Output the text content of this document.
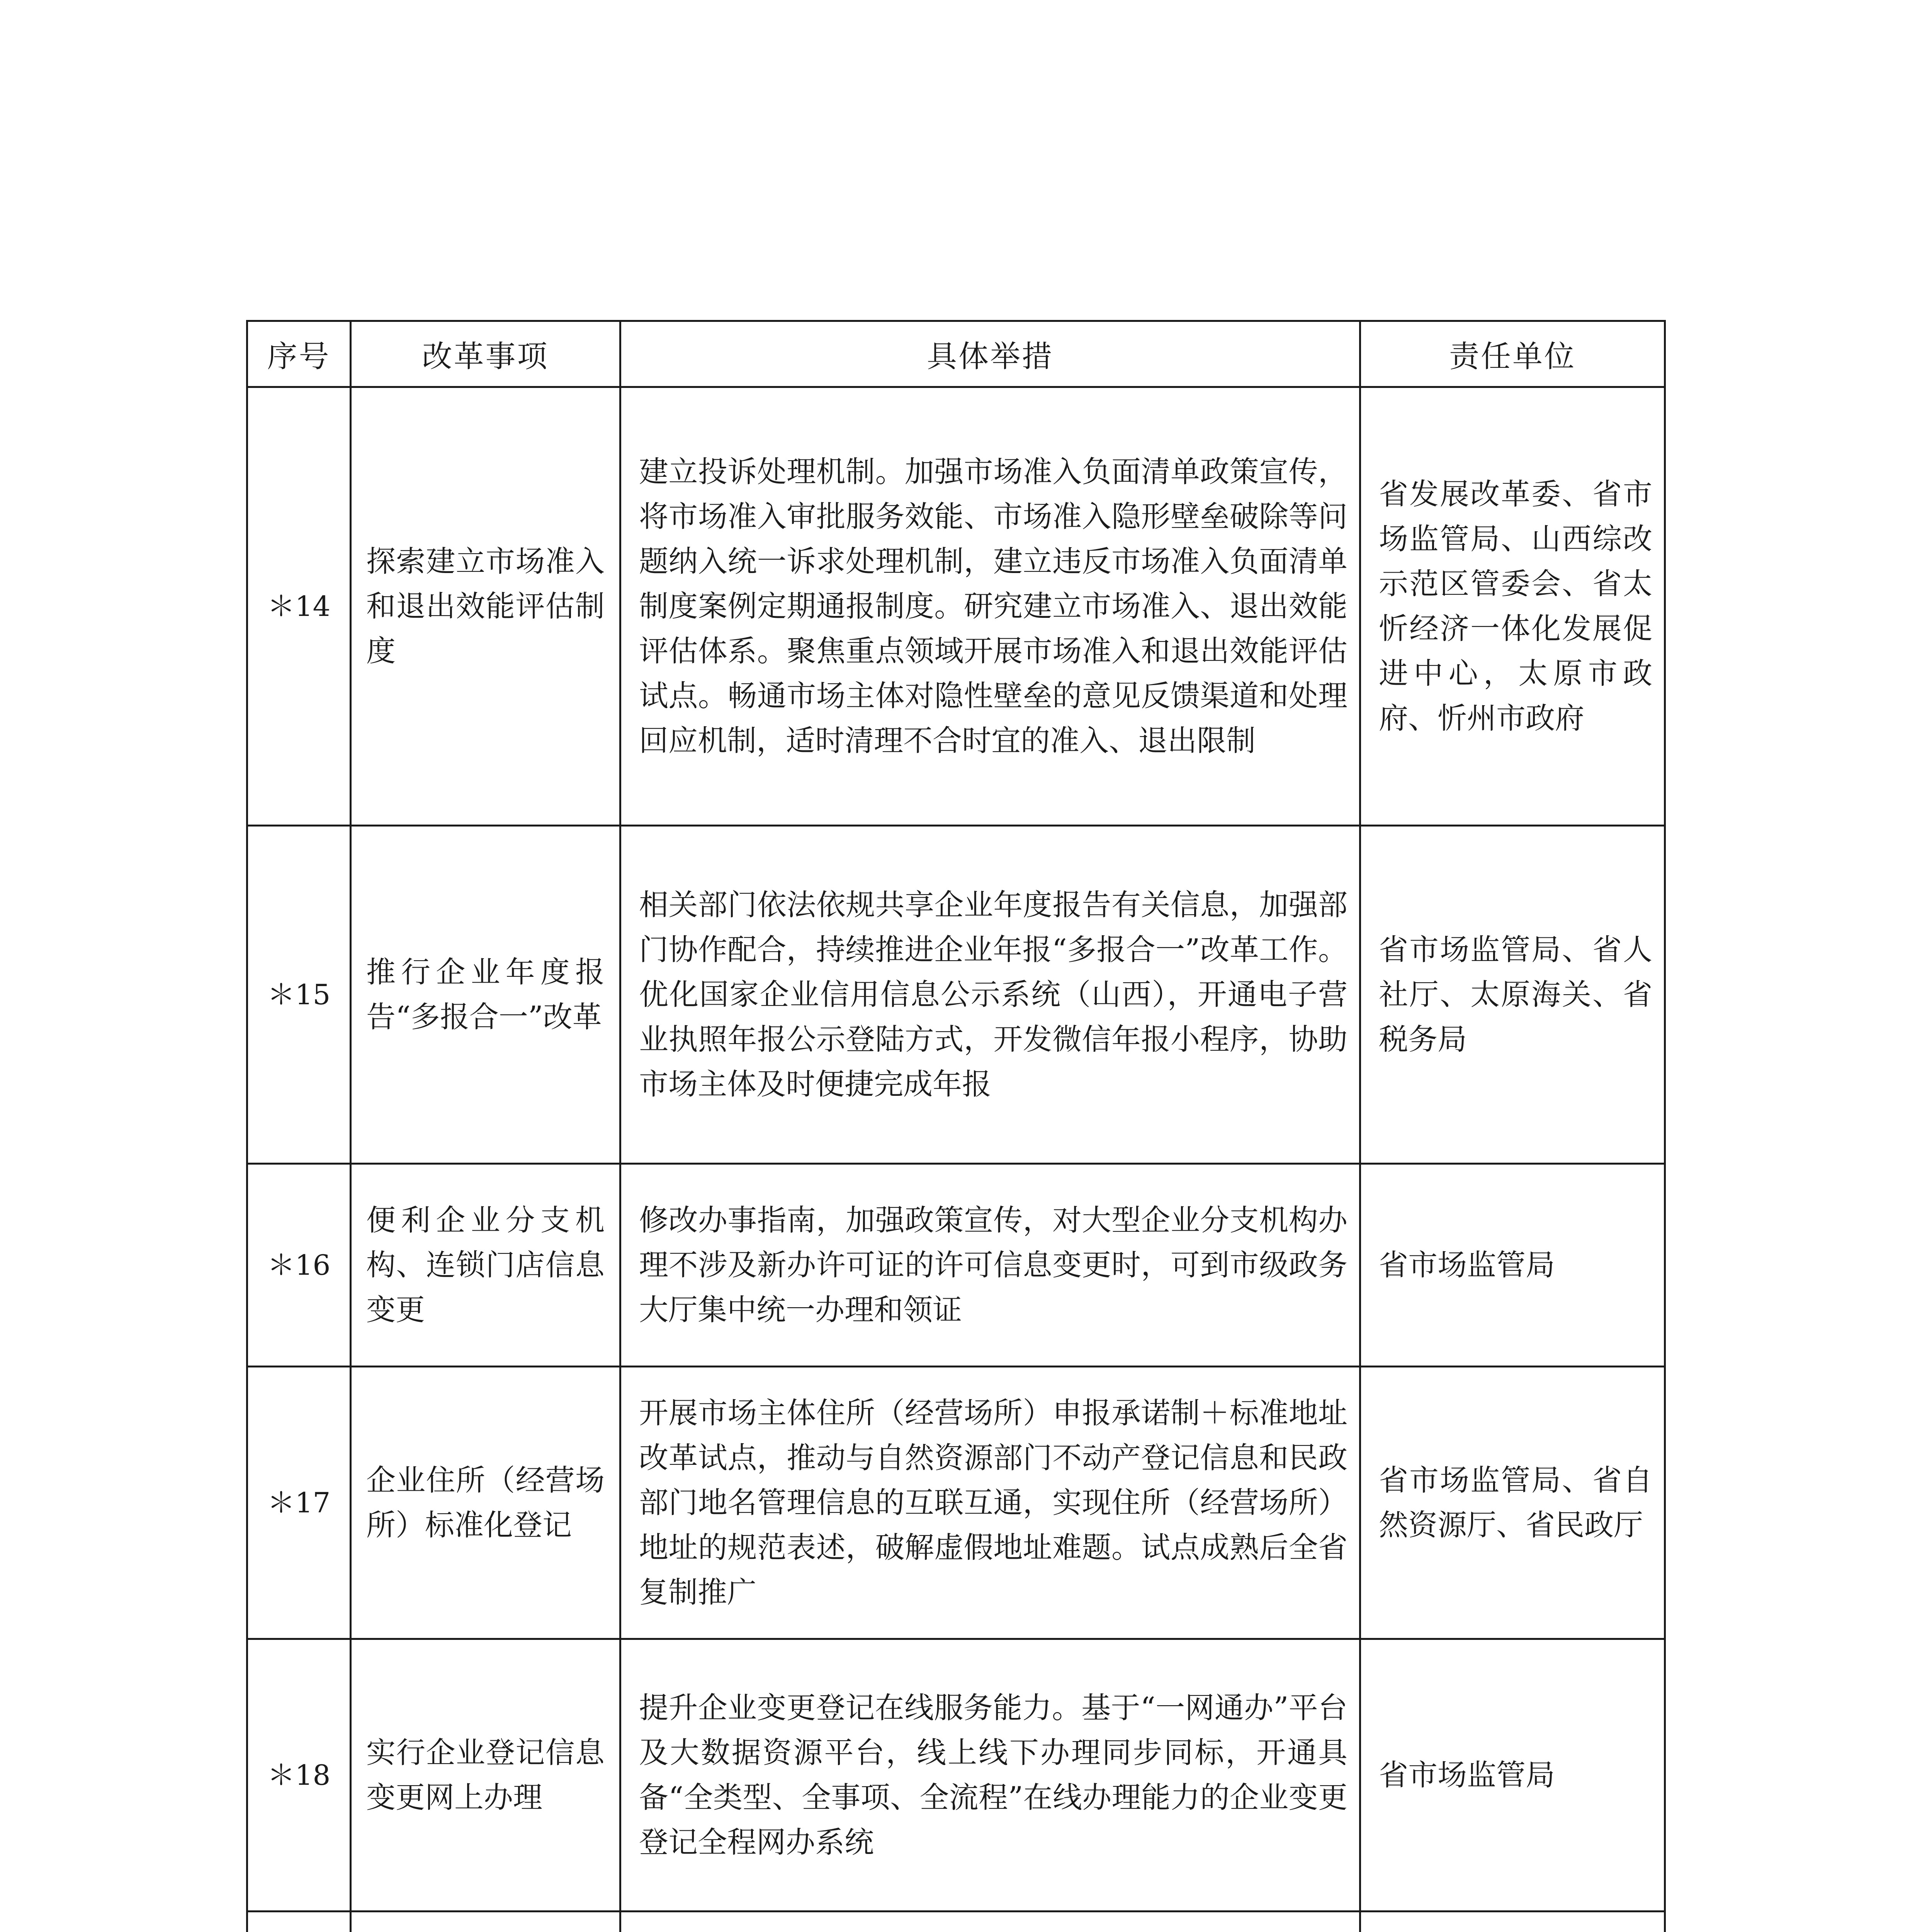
序号	改革事项	具体举措	责任单位
＊14	探索建立市场准入和退出效能评估制度	建立投诉处理机制。加强市场准入负面清单政策宣传，将市场准入审批服务效能、市场准入隐形壁垒破除等问题纳入统一诉求处理机制，建立违反市场准入负面清单制度案例定期通报制度。研究建立市场准入、退出效能评估体系。聚焦重点领域开展市场准入和退出效能评估试点。畅通市场主体对隐性壁垒的意见反馈渠道和处理回应机制，适时清理不合时宜的准入、退出限制	省发展改革委、省市场监管局、山西综改示范区管委会、省太忻经济一体化发展促进中心，太原市政府、忻州市政府
＊15	推行企业年度报告“多报合一”改革	相关部门依法依规共享企业年度报告有关信息，加强部门协作配合，持续推进企业年报“多报合一”改革工作。优化国家企业信用信息公示系统（山西），开通电子营业执照年报公示登陆方式，开发微信年报小程序，协助市场主体及时便捷完成年报	省市场监管局、省人社厅、太原海关、省税务局
＊16	便利企业分支机构、连锁门店信息变更	修改办事指南，加强政策宣传，对大型企业分支机构办理不涉及新办许可证的许可信息变更时，可到市级政务大厅集中统一办理和领证	省市场监管局
＊17	企业住所（经营场所）标准化登记	开展市场主体住所（经营场所）申报承诺制＋标准地址改革试点，推动与自然资源部门不动产登记信息和民政部门地名管理信息的互联互通，实现住所（经营场所）地址的规范表述，破解虚假地址难题。试点成熟后全省复制推广	省市场监管局、省自然资源厅、省民政厅
＊18	实行企业登记信息变更网上办理	提升企业变更登记在线服务能力。基于“一网通办”平台及大数据资源平台，线上线下办理同步同标，开通具备“全类型、全事项、全流程”在线办理能力的企业变更登记全程网办系统	省市场监管局
